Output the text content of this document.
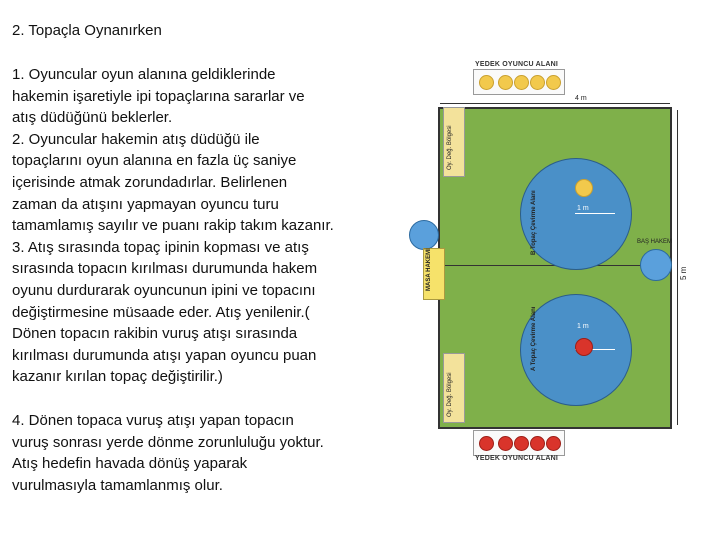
2. Topaçla Oynanırken

1. Oyuncular oyun alanına geldiklerinde
hakemin işaretiyle ipi topaçlarına sararlar ve
atış düdüğünü beklerler.
2. Oyuncular hakemin atış düdüğü ile
topaçlarını oyun alanına en fazla üç saniye
içerisinde atmak zorundadırlar. Belirlenen
zaman da atışını yapmayan oyuncu turu
tamamlamış sayılır ve puanı rakip takım kazanır.
3. Atış sırasında topaç ipinin kopması ve atış
sırasında topacın kırılması durumunda hakem
oyunu durdurarak oyuncunun ipini ve topacını
değiştirmesine müsaade eder. Atış yenilenir.(
Dönen topacın rakibin vuruş atışı sırasında
kırılması durumunda atışı yapan oyuncu puan
kazanır kırılan topaç değiştirilir.)

4. Dönen topaca vuruş atışı yapan topacın
vuruş sonrası yerde dönme zorunluluğu yoktur.
Atış hedefin havada dönüş yaparak
vurulmasıyla tamamlanmış olur.

YEDEK OYUNCU ALANI
YEDEK OYUNCU ALANI
4 m
5 m
Oy. Değ. Bölgesi
Oy. Değ. Bölgesi
1 m
B Topaç Çevirme Alanı
1 m
A Topaç Çevirme Alanı
MASA HAKEMİ
BAŞ HAKEM
